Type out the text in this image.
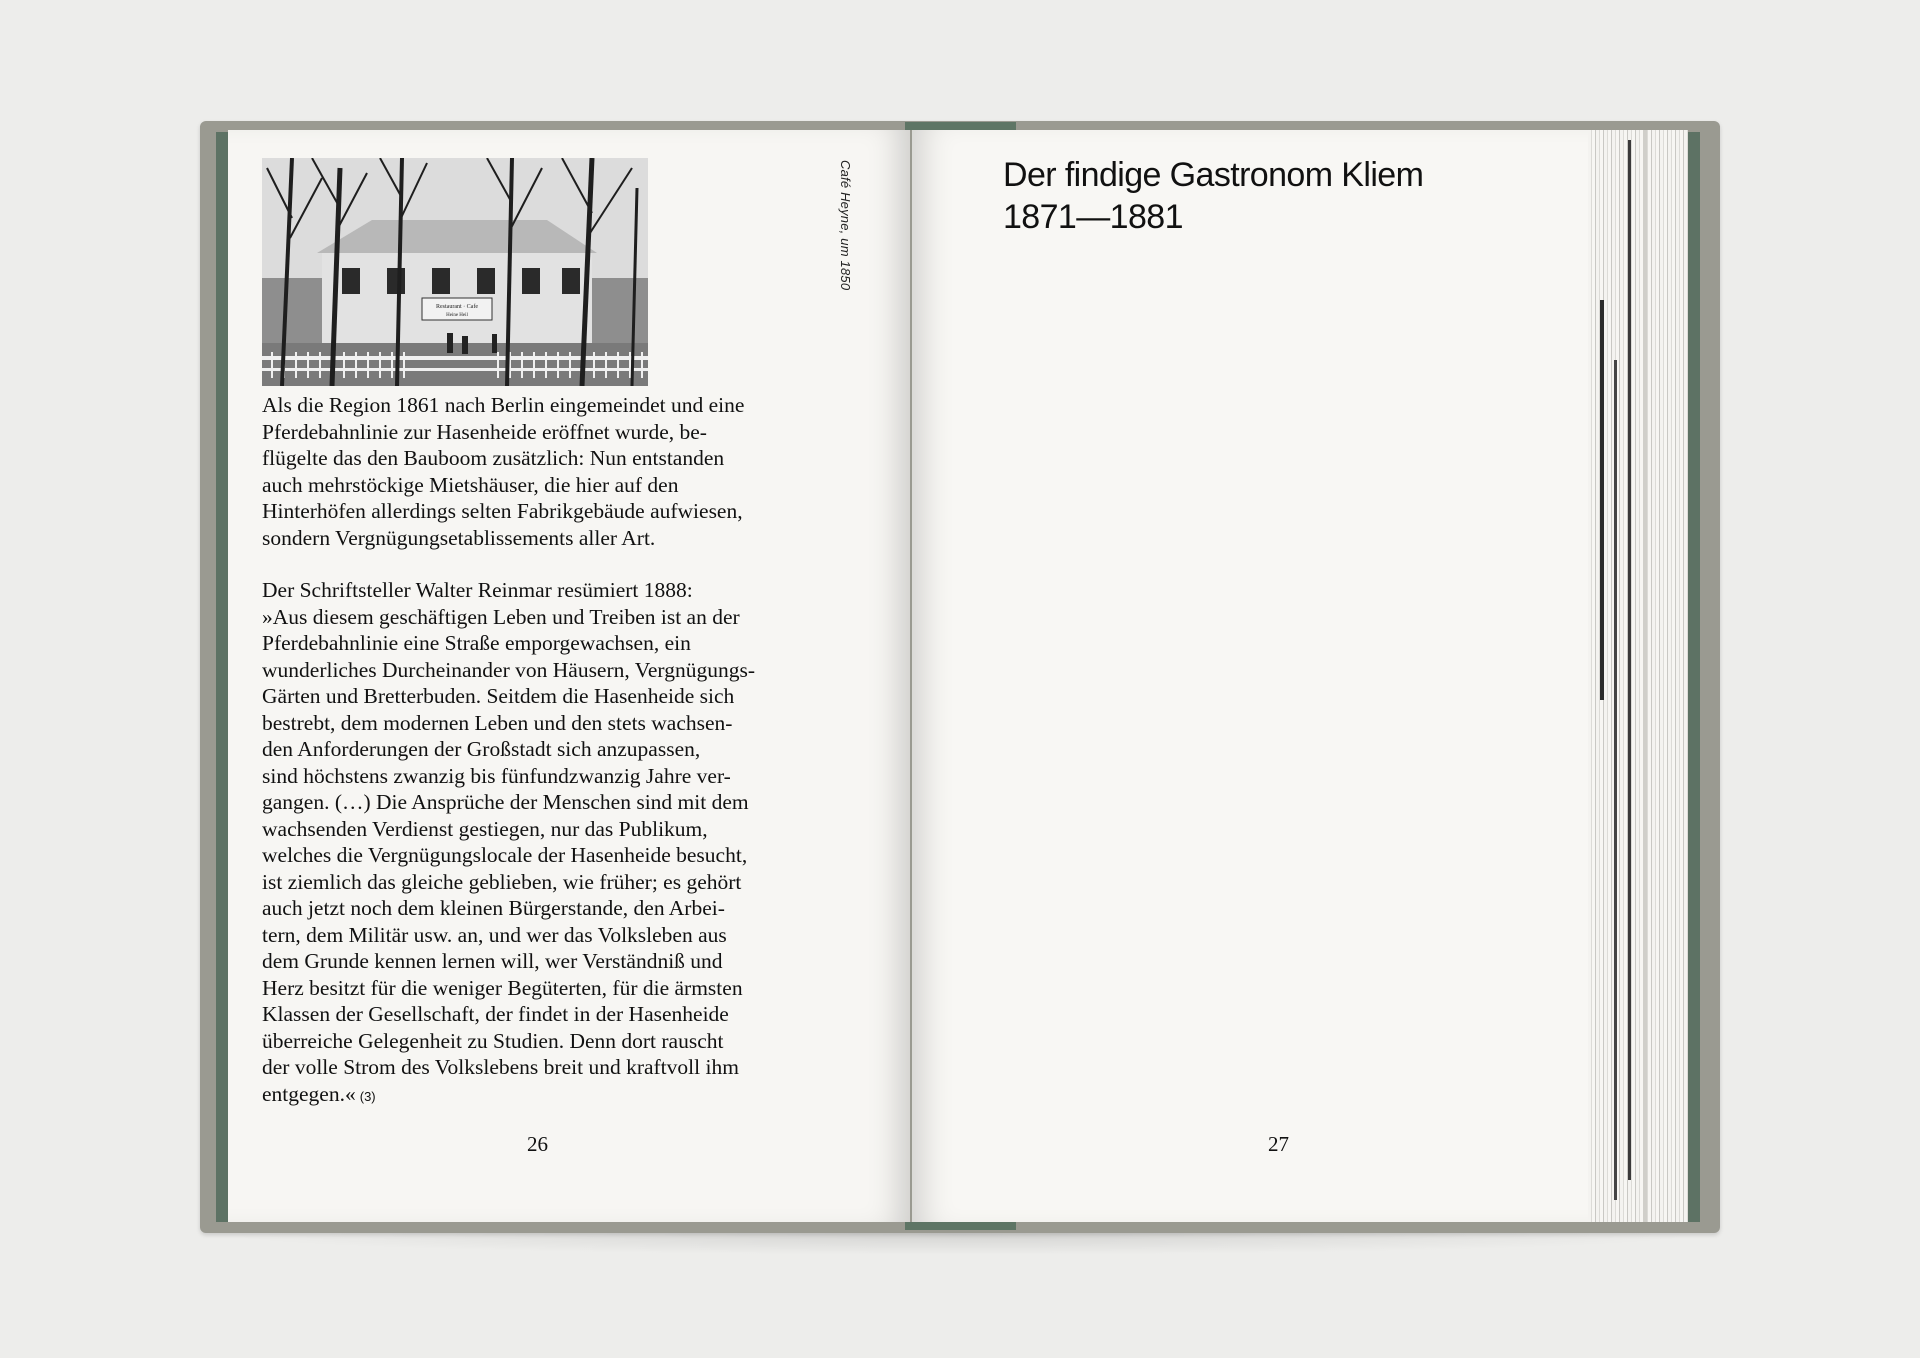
Restaurant · Cafe
Heine Heil
Café Heyne, um 1850

Als die Region 1861 nach Berlin eingemeindet und eine
Pferdebahnlinie zur Hasenheide eröffnet wurde, be-
flügelte das den Bauboom zusätzlich: Nun entstanden
auch mehrstöckige Mietshäuser, die hier auf den
Hinterhöfen allerdings selten Fabrikgebäude aufwiesen,
sondern Vergnügungsetablissements aller Art.

Der Schriftsteller Walter Reinmar resümiert 1888:
»Aus diesem geschäftigen Leben und Treiben ist an der
Pferdebahnlinie eine Straße emporgewachsen, ein
wunderliches Durcheinander von Häusern, Vergnügungs-
Gärten und Bretterbuden. Seitdem die Hasenheide sich
bestrebt, dem modernen Leben und den stets wachsen-
den Anforderungen der Großstadt sich anzupassen,
sind höchstens zwanzig bis fünfundzwanzig Jahre ver-
gangen. (…) Die Ansprüche der Menschen sind mit dem
wachsenden Verdienst gestiegen, nur das Publikum,
welches die Vergnügungslocale der Hasenheide besucht,
ist ziemlich das gleiche geblieben, wie früher; es gehört
auch jetzt noch dem kleinen Bürgerstande, den Arbei-
tern, dem Militär usw. an, und wer das Volksleben aus
dem Grunde kennen lernen will, wer Verständniß und
Herz besitzt für die weniger Begüterten, für die ärmsten
Klassen der Gesellschaft, der findet in der Hasenheide
überreiche Gelegenheit zu Studien. Denn dort rauscht
der volle Strom des Volkslebens breit und kraftvoll ihm
entgegen.« (3)

26
Der findige Gastronom Kliem
1871—1881
27
